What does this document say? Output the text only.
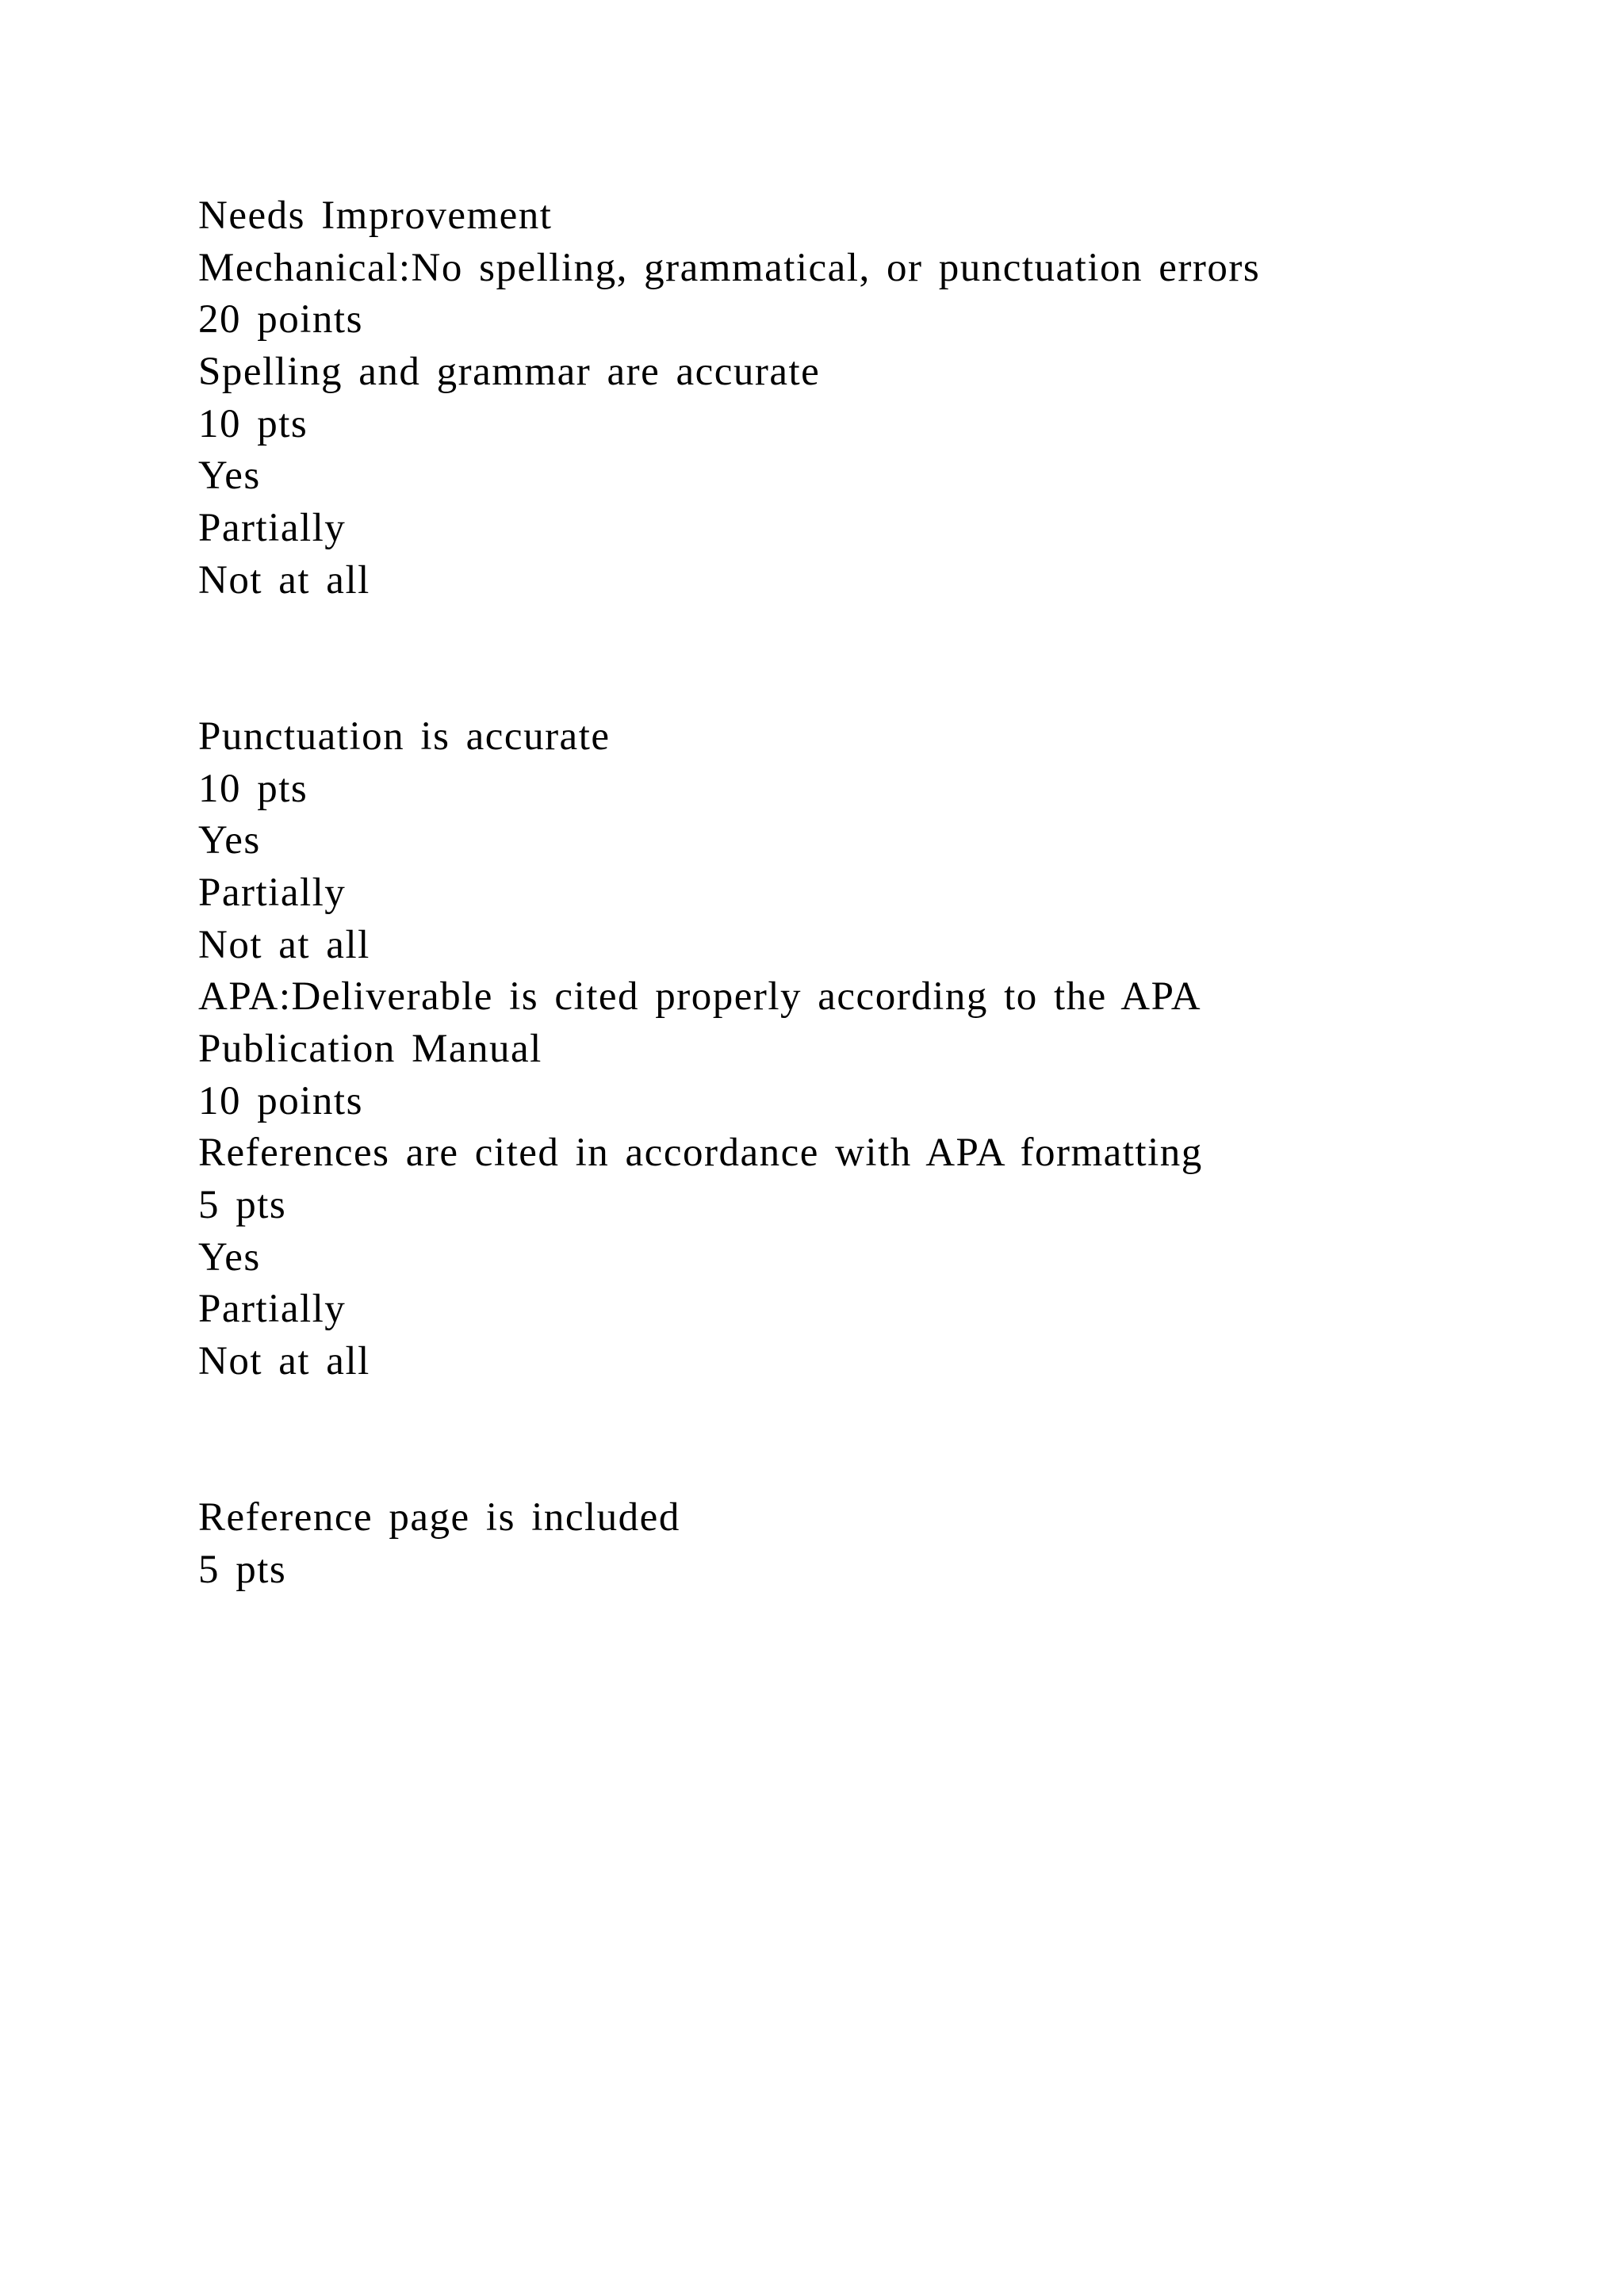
Needs Improvement
Mechanical:No spelling, grammatical, or punctuation errors
20 points
Spelling and grammar are accurate
10 pts
Yes
Partially
Not at all
Punctuation is accurate
10 pts
Yes
Partially
Not at all
APA:Deliverable is cited properly according to the APA
Publication Manual
10 points
References are cited in accordance with APA formatting
5 pts
Yes
Partially
Not at all
Reference page is included
5 pts
